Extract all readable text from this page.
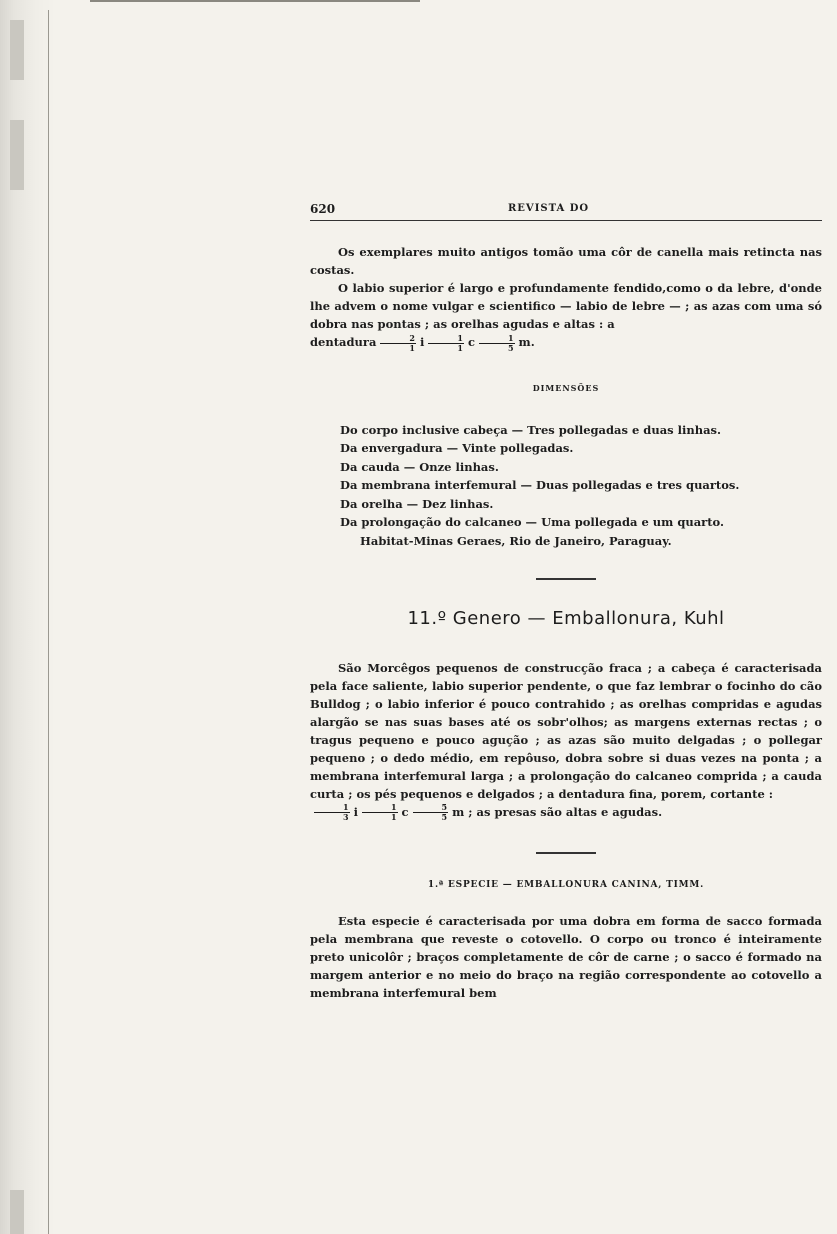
620	REVISTA DO

Os exemplares muito antigos tomão uma côr de canella mais retincta nas costas.

O labio superior é largo e profundamente fendido,como o da lebre, d'onde lhe advem o nome vulgar e scientifico — labio de lebre — ; as azas com uma só dobra nas pontas ; as orelhas agudas e altas : a
dentadura $\frac{2}{1}$ i $\frac{1}{1}$ c $\frac{1}{5} m$.

DIMENSÕES

Do corpo inclusive cabeça — Tres pollegadas e duas linhas.

Da envergadura — Vinte pollegadas.

Da cauda — Onze linhas.

Da membrana interfemural — Duas pollegadas e tres quartos.

Da orelha — Dez linhas.

Da prolongação do calcaneo — Uma pollegada e um quarto.

Habitat-Minas Geraes, Rio de Janeiro, Paraguay.

11.º Genero — Emballonura, Kuhl

São Morcêgos pequenos de construcção fraca ; a cabeça é caracterisada pela face saliente, labio superior pendente, o que faz lembrar o focinho do cão Bulldog ; o labio inferior é pouco contrahido ; as orelhas compridas e agudas alargão se nas suas bases até os sobr'olhos; as margens externas rectas ; o tragus pequeno e pouco agução ; as azas são muito delgadas ; o pollegar pequeno ; o dedo médio, em repôuso, dobra sobre si duas vezes na ponta ; a membrana interfemural larga ; a prolongação do calcaneo comprida ; a cauda curta ; os pés pequenos e delgados ; a dentadura fina, porem, cortante :

$\frac{1}{3}$ i $\frac{1}{1}$ c $\frac{5}{5}$ m ; as presas são altas e agudas.

1.ª ESPECIE — EMBALLONURA CANINA, TIMM.

Esta especie é caracterisada por uma dobra em forma de sacco formada pela membrana que reveste o cotovello. O corpo ou tronco é inteiramente preto unicolôr ; braços completamente de côr de carne ; o sacco é formado na margem anterior e no meio do braço na região correspondente ao cotovello a membrana interfemural bem
